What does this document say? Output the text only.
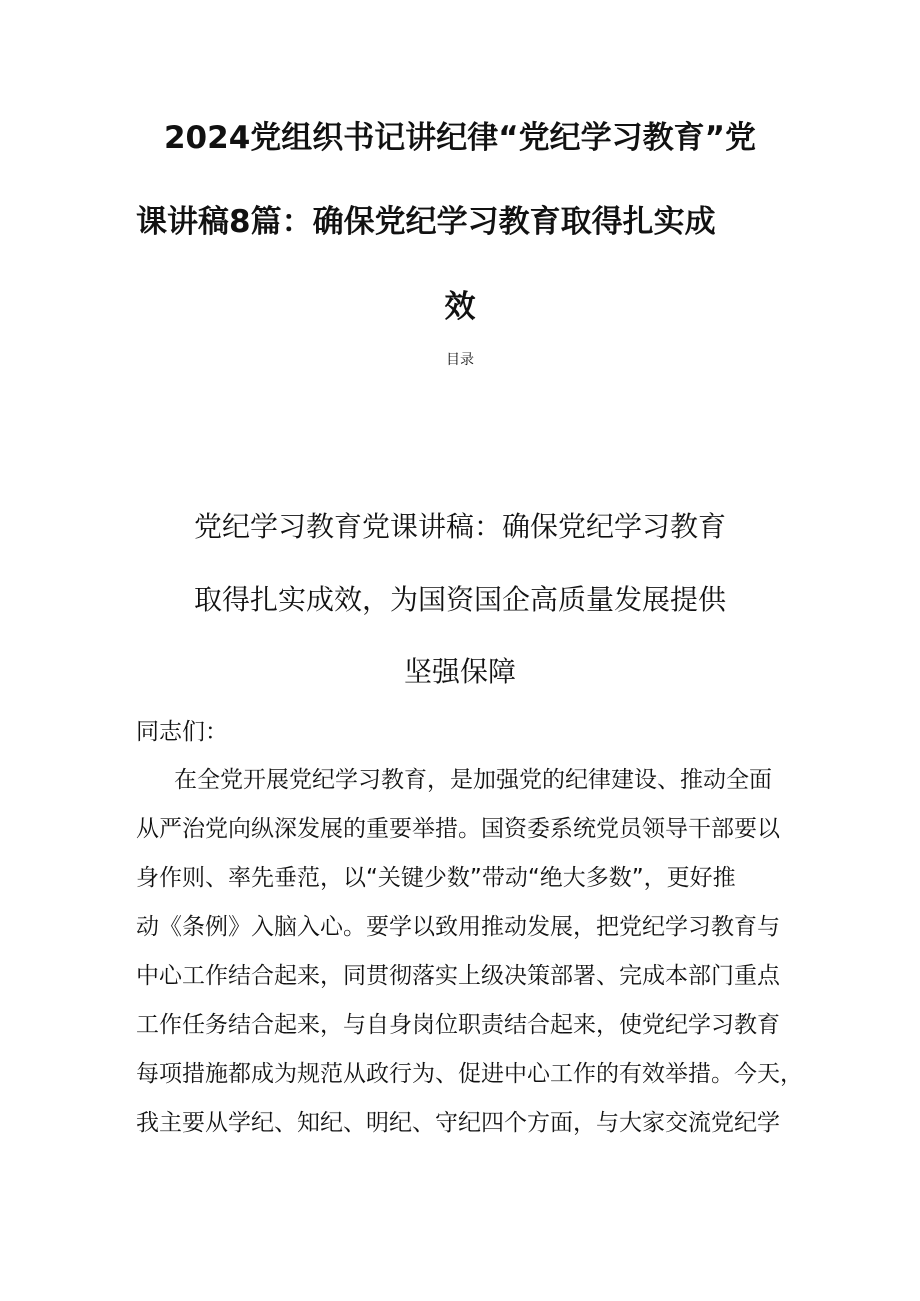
2024党组织书记讲纪律“党纪学习教育”党
课讲稿8篇：确保党纪学习教育取得扎实成
效
目录
党纪学习教育党课讲稿：确保党纪学习教育
取得扎实成效，为国资国企高质量发展提供
坚强保障
同志们：
在全党开展党纪学习教育，是加强党的纪律建设、推动全面
从严治党向纵深发展的重要举措。国资委系统党员领导干部要以
身作则、率先垂范，以“关键少数”带动“绝大多数”，更好推
动《条例》入脑入心。要学以致用推动发展，把党纪学习教育与
中心工作结合起来，同贯彻落实上级决策部署、完成本部门重点
工作任务结合起来，与自身岗位职责结合起来，使党纪学习教育
每项措施都成为规范从政行为、促进中心工作的有效举措。今天，
我主要从学纪、知纪、明纪、守纪四个方面，与大家交流党纪学
